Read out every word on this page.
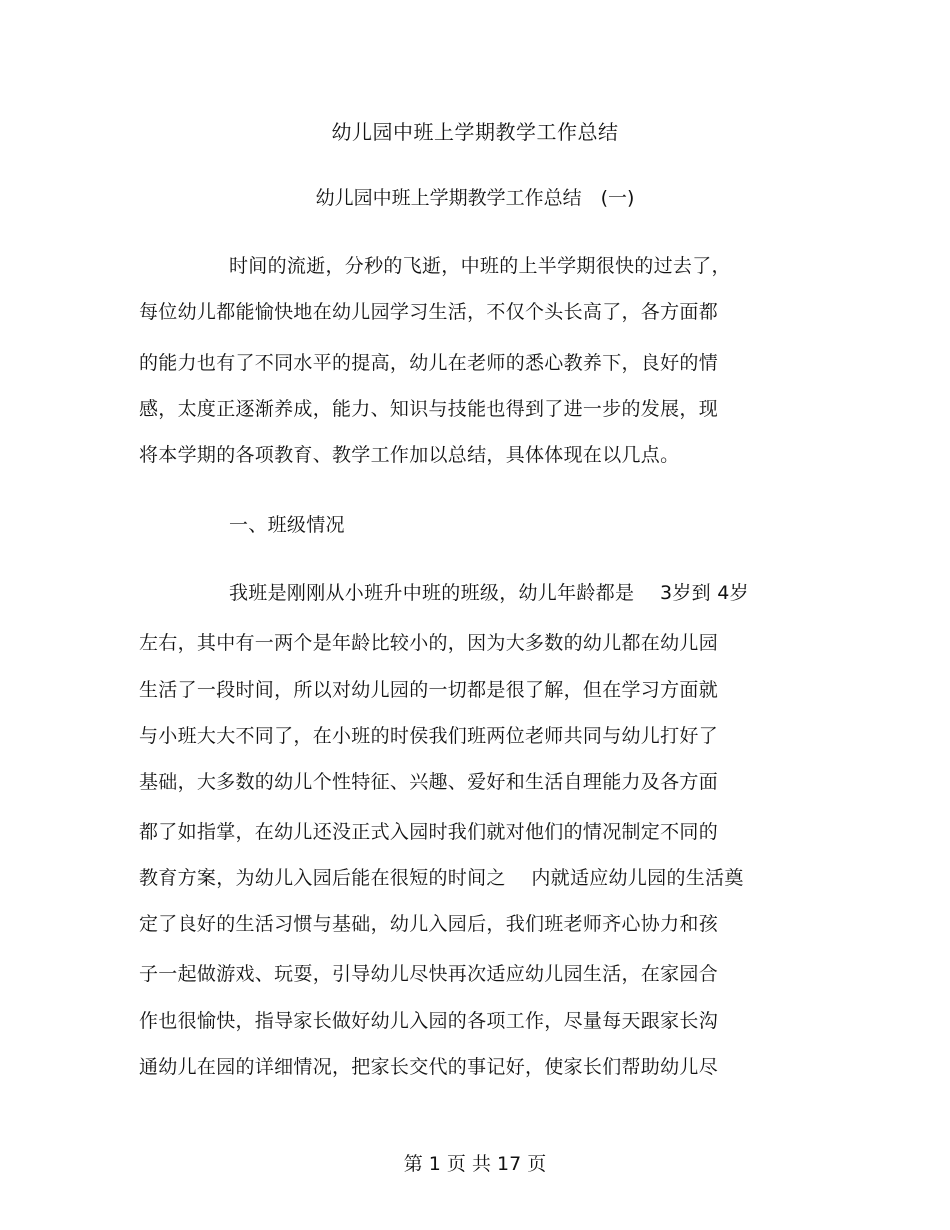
幼儿园中班上学期教学工作总结
幼儿园中班上学期教学工作总结　(一)
时间的流逝，分秒的飞逝，中班的上半学期很快的过去了，
每位幼儿都能愉快地在幼儿园学习生活，不仅个头长高了，各方面都
的能力也有了不同水平的提高，幼儿在老师的悉心教养下，良好的情
感，太度正逐渐养成，能力、知识与技能也得到了进一步的发展，现
将本学期的各项教育、教学工作加以总结，具体体现在以几点。
一、班级情况
我班是刚刚从小班升中班的班级，幼儿年龄都是　 3岁到 4岁
左右，其中有一两个是年龄比较小的，因为大多数的幼儿都在幼儿园
生活了一段时间，所以对幼儿园的一切都是很了解，但在学习方面就
与小班大大不同了，在小班的时侯我们班两位老师共同与幼儿打好了
基础，大多数的幼儿个性特征、兴趣、爱好和生活自理能力及各方面
都了如指掌，在幼儿还没正式入园时我们就对他们的情况制定不同的
教育方案，为幼儿入园后能在很短的时间之　 内就适应幼儿园的生活奠
定了良好的生活习惯与基础，幼儿入园后，我们班老师齐心协力和孩
子一起做游戏、玩耍，引导幼儿尽快再次适应幼儿园生活，在家园合
作也很愉快，指导家长做好幼儿入园的各项工作，尽量每天跟家长沟
通幼儿在园的详细情况，把家长交代的事记好，使家长们帮助幼儿尽
第 1 页 共 17 页
